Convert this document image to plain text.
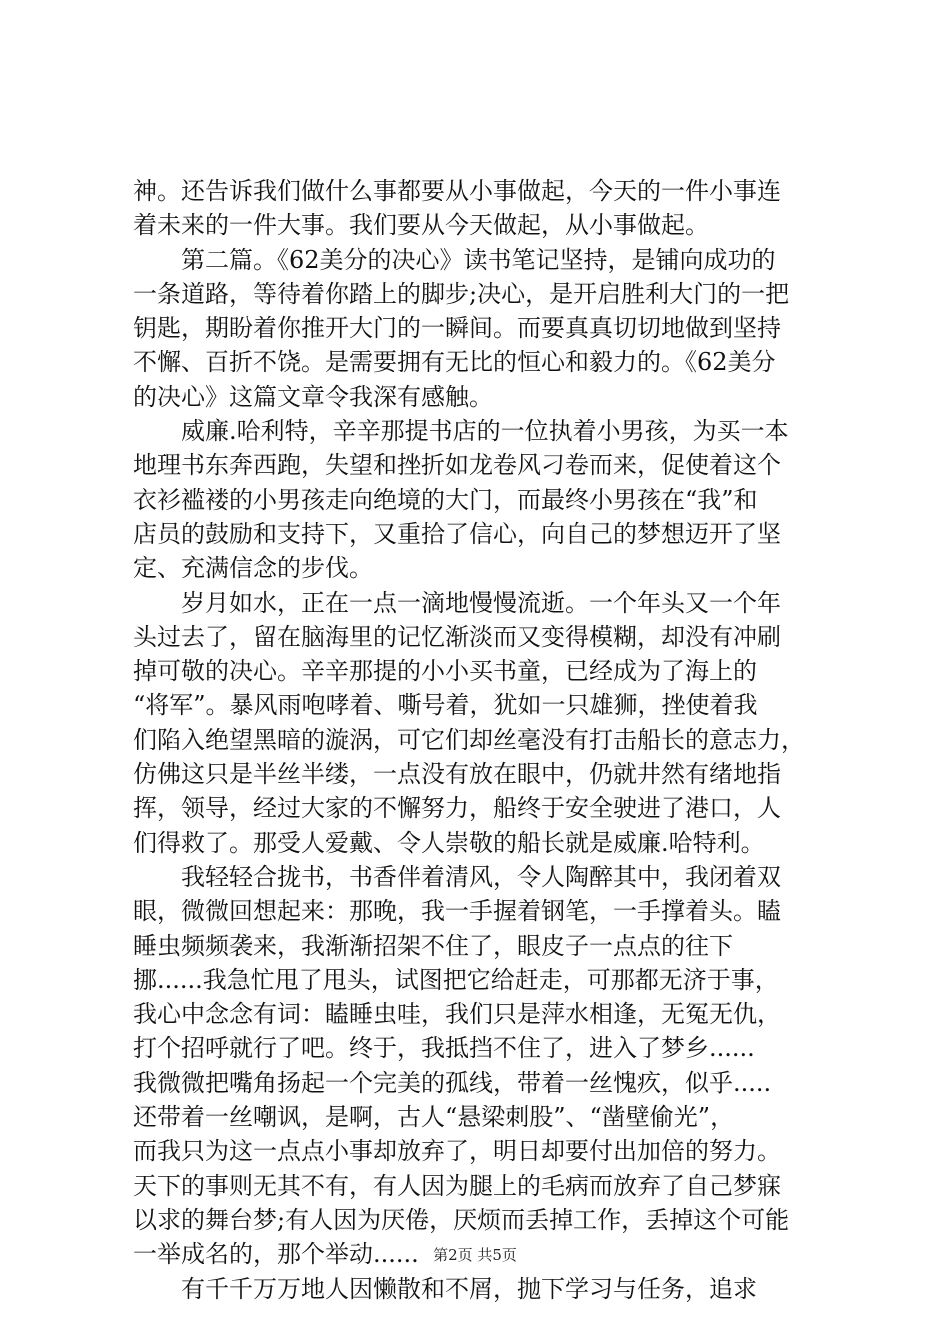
神。还告诉我们做什么事都要从小事做起，今天的一件小事连
着未来的一件大事。我们要从今天做起，从小事做起。
　　第二篇。《62美分的决心》读书笔记坚持，是铺向成功的
一条道路，等待着你踏上的脚步;决心，是开启胜利大门的一把
钥匙，期盼着你推开大门的一瞬间。而要真真切切地做到坚持
不懈、百折不饶。是需要拥有无比的恒心和毅力的。《62美分
的决心》这篇文章令我深有感触。
　　威廉.哈利特，辛辛那提书店的一位执着小男孩，为买一本
地理书东奔西跑，失望和挫折如龙卷风刁卷而来，促使着这个
衣衫褴褛的小男孩走向绝境的大门，而最终小男孩在“我”和
店员的鼓励和支持下，又重拾了信心，向自己的梦想迈开了坚
定、充满信念的步伐。
　　岁月如水，正在一点一滴地慢慢流逝。一个年头又一个年
头过去了，留在脑海里的记忆渐淡而又变得模糊，却没有冲刷
掉可敬的决心。辛辛那提的小小买书童，已经成为了海上的
“将军”。暴风雨咆哮着、嘶号着，犹如一只雄狮，挫使着我
们陷入绝望黑暗的漩涡，可它们却丝毫没有打击船长的意志力，
仿佛这只是半丝半缕，一点没有放在眼中，仍就井然有绪地指
挥，领导，经过大家的不懈努力，船终于安全驶进了港口，人
们得救了。那受人爱戴、令人崇敬的船长就是威廉.哈特利。
　　我轻轻合拢书，书香伴着清风，令人陶醉其中，我闭着双
眼，微微回想起来：那晚，我一手握着钢笔，一手撑着头。瞌
睡虫频频袭来，我渐渐招架不住了，眼皮子一点点的往下
挪......我急忙甩了甩头，试图把它给赶走，可那都无济于事，
我心中念念有词：瞌睡虫哇，我们只是萍水相逢，无冤无仇，
打个招呼就行了吧。终于，我抵挡不住了，进入了梦乡......
我微微把嘴角扬起一个完美的孤线，带着一丝愧疚，似乎.....
还带着一丝嘲讽，是啊，古人“悬梁刺股”、“凿壁偷光”，
而我只为这一点点小事却放弃了，明日却要付出加倍的努力。
天下的事则无其不有，有人因为腿上的毛病而放弃了自己梦寐
以求的舞台梦;有人因为厌倦，厌烦而丢掉工作，丢掉这个可能
一举成名的，那个举动......
　　有千千万万地人因懒散和不屑，抛下学习与任务，追求
第2页 共5页
